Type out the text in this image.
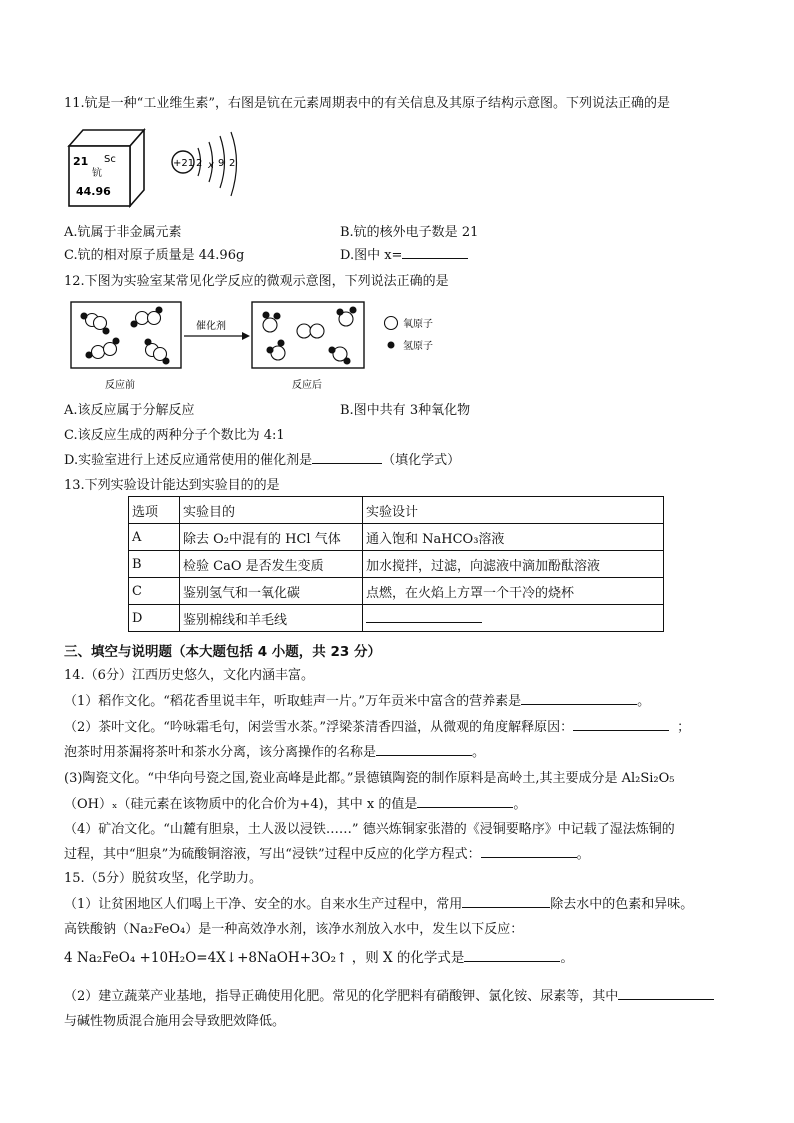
11.钪是一种“工业维生素”，右图是钪在元素周期表中的有关信息及其原子结构示意图。下列说法正确的是
21 Sc
钪
44.96
+21 2 x 9 2
A.钪属于非金属元素	B.钪的核外电子数是 21
C.钪的相对原子质量是 44.96g	D.图中 x=
12.下图为实验室某常见化学反应的微观示意图，下列说法正确的是
反应前
催化剂
反应后
氧原子
氢原子
A.该反应属于分解反应	B.图中共有 3种氧化物
C.该反应生成的两种分子个数比为 4:1
D.实验室进行上述反应通常使用的催化剂是	（填化学式）
13.下列实验设计能达到实验目的的是
选项	实验目的	实验设计
A	除去 O₂中混有的 HCl 气体	通入饱和 NaHCO₃溶液
B	检验 CaO 是否发生变质	加水搅拌，过滤，向滤液中滴加酚酞溶液
C	鉴别氢气和一氧化碳	点燃，在火焰上方罩一个干冷的烧杯
D	鉴别棉线和羊毛线	
三、填空与说明题（本大题包括 4 小题，共 23 分）
14.（6分）江西历史悠久，文化内涵丰富。
（1）稻作文化。“稻花香里说丰年，听取蛙声一片。”万年贡米中富含的营养素是	。
（2）茶叶文化。“吟咏霜毛句，闲尝雪水茶。”浮梁茶清香四溢，从微观的角度解释原因：	；
泡茶时用茶漏将茶叶和茶水分离，该分离操作的名称是	。
(3)陶瓷文化。“中华向号瓷之国,瓷业高峰是此都。”景德镇陶瓷的制作原料是高岭土,其主要成分是 Al₂Si₂O₅
（OH）ₓ（硅元素在该物质中的化合价为+4)，其中 x 的值是	。
（4）矿冶文化。“山麓有胆泉，土人汲以浸铁……” 德兴炼铜家张潜的《浸铜要略序》中记载了湿法炼铜的
过程，其中“胆泉”为硫酸铜溶液，写出“浸铁”过程中反应的化学方程式：	。
15.（5分）脱贫攻坚，化学助力。
（1）让贫困地区人们喝上干净、安全的水。自来水生产过程中，常用	除去水中的色素和异味。
高铁酸钠（Na₂FeO₄）是一种高效净水剂，该净水剂放入水中，发生以下反应：
4 Na₂FeO₄ +10H₂O=4X↓+8NaOH+3O₂↑ ，则 X 的化学式是	。
（2）建立蔬菜产业基地，指导正确使用化肥。常见的化学肥料有硝酸钾、氯化铵、尿素等，其中
与碱性物质混合施用会导致肥效降低。
